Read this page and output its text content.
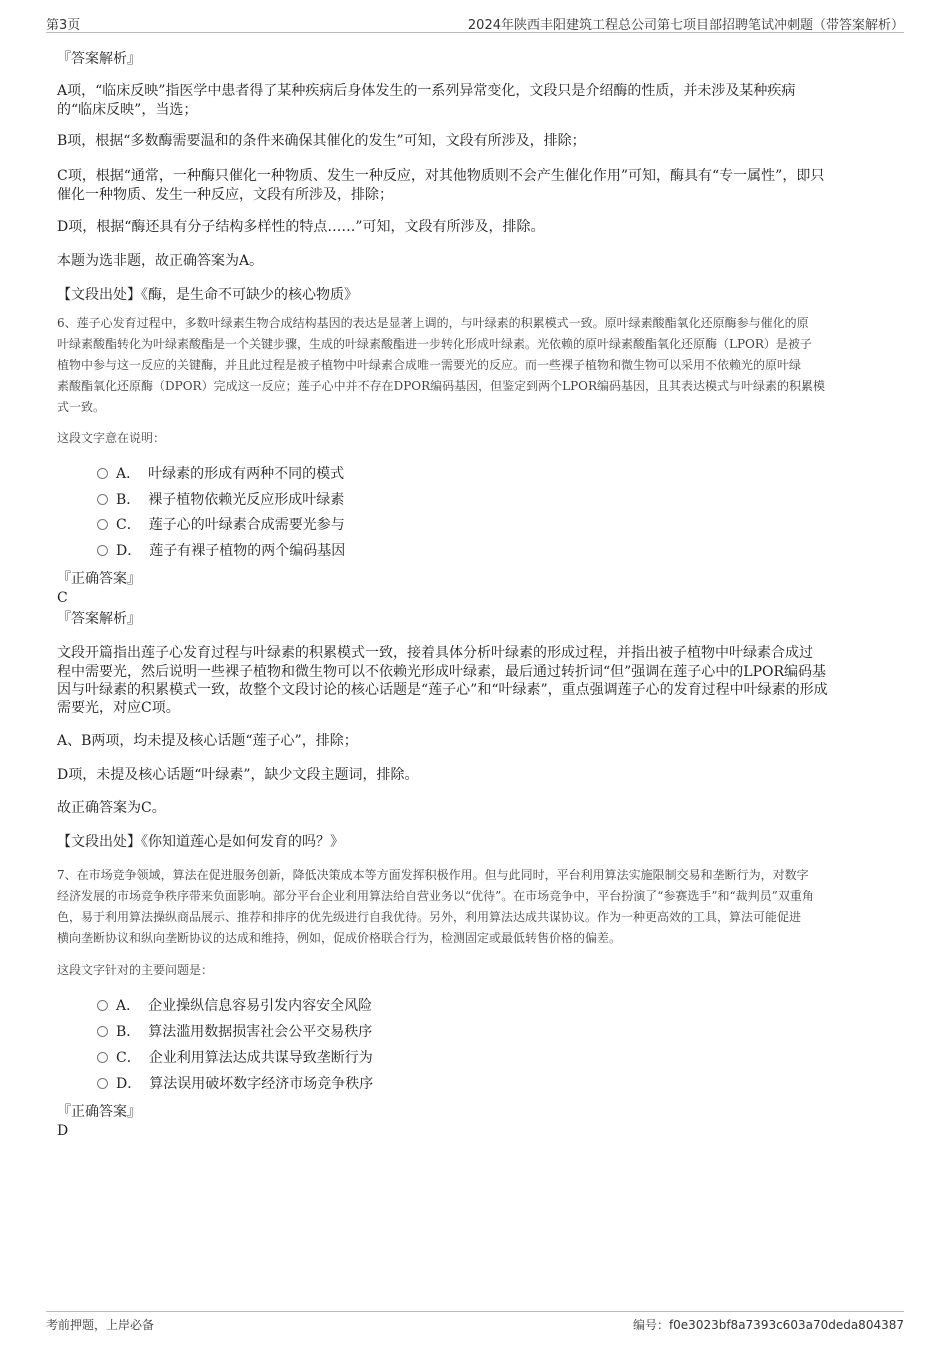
第3页	2024年陕西丰阳建筑工程总公司第七项目部招聘笔试冲刺题（带答案解析）

『答案解析』

A项，“临床反映”指医学中患者得了某种疾病后身体发生的一系列异常变化，文段只是介绍酶的性质，并未涉及某种疾病

的“临床反映”，当选；

B项，根据“多数酶需要温和的条件来确保其催化的发生”可知，文段有所涉及，排除；

C项，根据“通常，一种酶只催化一种物质、发生一种反应，对其他物质则不会产生催化作用”可知，酶具有“专一属性”，即只

催化一种物质、发生一种反应，文段有所涉及，排除；

D项，根据“酶还具有分子结构多样性的特点……”可知，文段有所涉及，排除。

本题为选非题，故正确答案为A。

【文段出处】《酶，是生命不可缺少的核心物质》

6、莲子心发育过程中，多数叶绿素生物合成结构基因的表达是显著上调的，与叶绿素的积累模式一致。原叶绿素酸酯氧化还原酶参与催化的原

叶绿素酸酯转化为叶绿素酸酯是一个关键步骤，生成的叶绿素酸酯进一步转化形成叶绿素。光依赖的原叶绿素酸酯氧化还原酶（LPOR）是被子

植物中参与这一反应的关键酶，并且此过程是被子植物中叶绿素合成唯一需要光的反应。而一些裸子植物和微生物可以采用不依赖光的原叶绿

素酸酯氧化还原酶（DPOR）完成这一反应；莲子心中并不存在DPOR编码基因，但鉴定到两个LPOR编码基因，且其表达模式与叶绿素的积累模

式一致。

这段文字意在说明：

A． 叶绿素的形成有两种不同的模式
B． 裸子植物依赖光反应形成叶绿素
C． 莲子心的叶绿素合成需要光参与
D． 莲子有裸子植物的两个编码基因

『正确答案』

C

『答案解析』

文段开篇指出莲子心发育过程与叶绿素的积累模式一致，接着具体分析叶绿素的形成过程，并指出被子植物中叶绿素合成过

程中需要光，然后说明一些裸子植物和微生物可以不依赖光形成叶绿素，最后通过转折词“但”强调在莲子心中的LPOR编码基

因与叶绿素的积累模式一致，故整个文段讨论的核心话题是“莲子心”和“叶绿素”，重点强调莲子心的发育过程中叶绿素的形成

需要光，对应C项。

A、B两项，均未提及核心话题“莲子心”，排除；

D项，未提及核心话题“叶绿素”，缺少文段主题词，排除。

故正确答案为C。

【文段出处】《你知道莲心是如何发育的吗？》

7、在市场竞争领域，算法在促进服务创新，降低决策成本等方面发挥积极作用。但与此同时，平台利用算法实施限制交易和垄断行为，对数字

经济发展的市场竞争秩序带来负面影响。部分平台企业利用算法给自营业务以“优待”。在市场竞争中，平台扮演了“参赛选手”和“裁判员”双重角

色，易于利用算法操纵商品展示、推荐和排序的优先级进行自我优待。另外，利用算法达成共谋协议。作为一种更高效的工具，算法可能促进

横向垄断协议和纵向垄断协议的达成和维持，例如，促成价格联合行为，检测固定或最低转售价格的偏差。

这段文字针对的主要问题是：

A． 企业操纵信息容易引发内容安全风险
B． 算法滥用数据损害社会公平交易秩序
C． 企业利用算法达成共谋导致垄断行为
D． 算法误用破坏数字经济市场竞争秩序

『正确答案』

D

考前押题，上岸必备	编号：f0e3023bf8a7393c603a70deda804387
